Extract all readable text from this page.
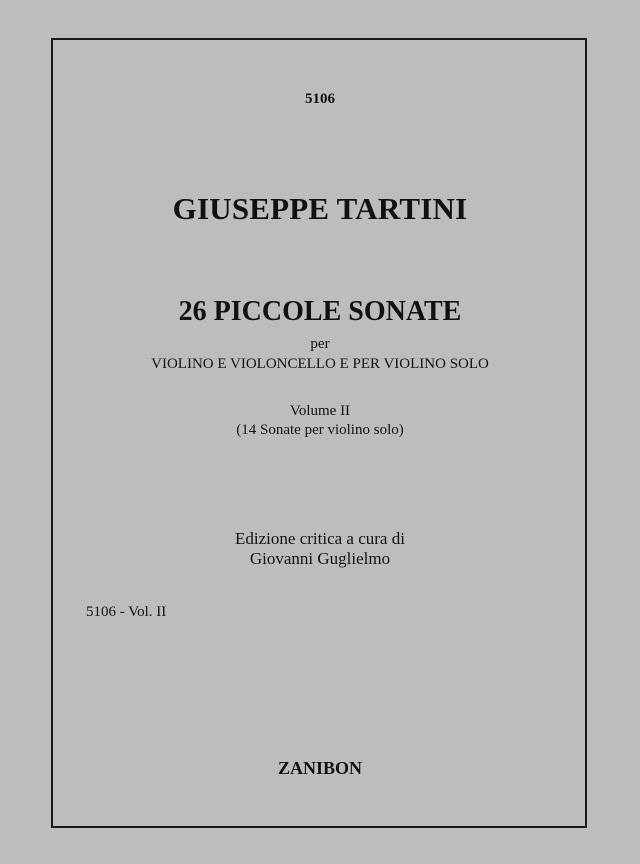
5106
GIUSEPPE TARTINI
26 PICCOLE SONATE
per
VIOLINO E VIOLONCELLO E PER VIOLINO SOLO
Volume II
(14 Sonate per violino solo)
Edizione critica a cura di
Giovanni Guglielmo
5106 - Vol. II
ZANIBON
